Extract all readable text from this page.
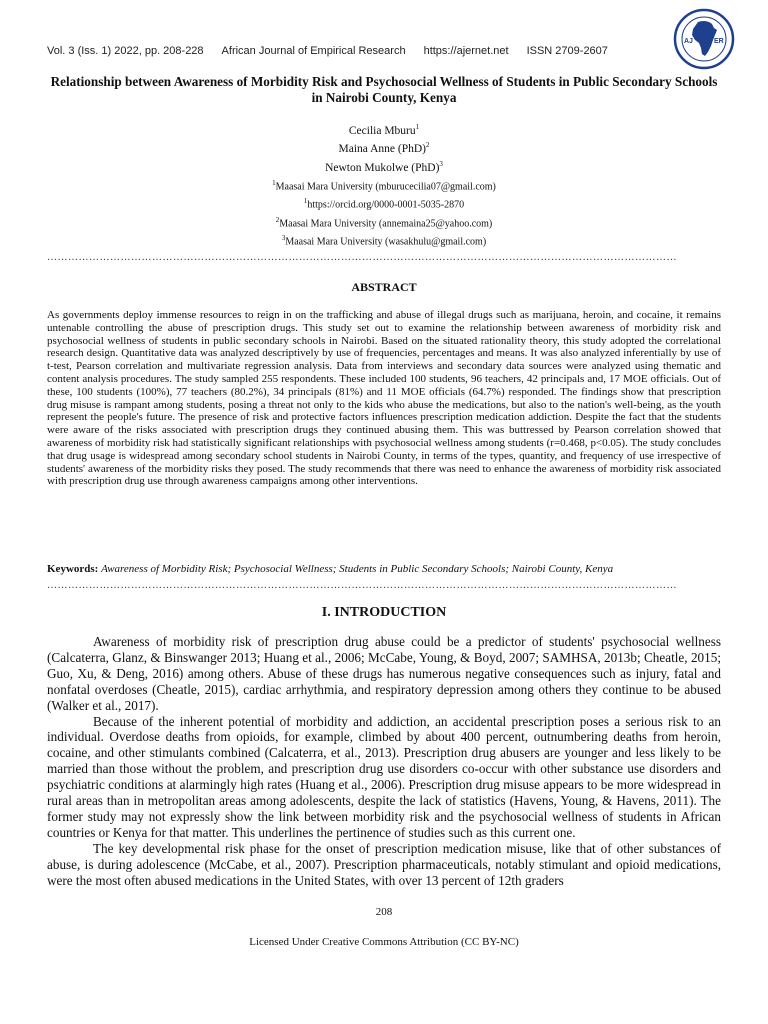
Vol. 3 (Iss. 1) 2022, pp. 208-228 African Journal of Empirical Research https://ajernet.net ISSN 2709-2607
AJ	ER
Relationship between Awareness of Morbidity Risk and Psychosocial Wellness of Students in Public Secondary Schools in Nairobi County, Kenya
Cecilia Mburu$^1$
Maina Anne (PhD)$^2$
Newton Mukolwe (PhD)$^3$
$^1$Maasai Mara University (mburucecilia07@gmail.com)
$^1$https://orcid.org/0000-0001-5035-2870
$^2$Maasai Mara University (annemaina25@yahoo.com)
$^3$Maasai Mara University (wasakhulu@gmail.com)
………………………………………………………………………………………………………………………………………………………………
ABSTRACT
As governments deploy immense resources to reign in on the trafficking and abuse of illegal drugs such as marijuana, heroin, and cocaine, it remains untenable controlling the abuse of prescription drugs. This study set out to examine the relationship between awareness of morbidity risk and psychosocial wellness of students in public secondary schools in Nairobi. Based on the situated rationality theory, this study adopted the correlational research design. Quantitative data was analyzed descriptively by use of frequencies, percentages and means. It was also analyzed inferentially by use of t-test, Pearson correlation and multivariate regression analysis. Data from interviews and secondary data sources were analyzed using thematic and content analysis procedures. The study sampled 255 respondents. These included 100 students, 96 teachers, 42 principals and, 17 MOE officials. Out of these, 100 students (100%), 77 teachers (80.2%), 34 principals (81%) and 11 MOE officials (64.7%) responded. The findings show that prescription drug misuse is rampant among students, posing a threat not only to the kids who abuse the medications, but also to the nation's well-being, as the youth represent the people's future. The presence of risk and protective factors influences prescription medication addiction. Despite the fact that the students were aware of the risks associated with prescription drugs they continued abusing them. This was buttressed by Pearson correlation showed that awareness of morbidity risk had statistically significant relationships with psychosocial wellness among students (r=0.468, p<0.05). The study concludes that drug usage is widespread among secondary school students in Nairobi County, in terms of the types, quantity, and frequency of use irrespective of students' awareness of the morbidity risks they posed. The study recommends that there was need to enhance the awareness of morbidity risk associated with prescription drug use through awareness campaigns among other interventions.
Keywords: Awareness of Morbidity Risk; Psychosocial Wellness; Students in Public Secondary Schools; Nairobi County, Kenya
………………………………………………………………………………………………………………………………………………………………
I. INTRODUCTION

Awareness of morbidity risk of prescription drug abuse could be a predictor of students' psychosocial wellness (Calcaterra, Glanz, & Binswanger 2013; Huang et al., 2006; McCabe, Young, & Boyd, 2007; SAMHSA, 2013b; Cheatle, 2015; Guo, Xu, & Deng, 2016) among others. Abuse of these drugs has numerous negative consequences such as injury, fatal and nonfatal overdoses (Cheatle, 2015), cardiac arrhythmia, and respiratory depression among others they continue to be abused (Walker et al., 2017).

Because of the inherent potential of morbidity and addiction, an accidental prescription poses a serious risk to an individual. Overdose deaths from opioids, for example, climbed by about 400 percent, outnumbering deaths from heroin, cocaine, and other stimulants combined (Calcaterra, et al., 2013). Prescription drug abusers are younger and less likely to be married than those without the problem, and prescription drug use disorders co-occur with other substance use disorders and psychiatric conditions at alarmingly high rates (Huang et al., 2006). Prescription drug misuse appears to be more widespread in rural areas than in metropolitan areas among adolescents, despite the lack of statistics (Havens, Young, & Havens, 2011). The former study may not expressly show the link between morbidity risk and the psychosocial wellness of students in African countries or Kenya for that matter. This underlines the pertinence of studies such as this current one.

The key developmental risk phase for the onset of prescription medication misuse, like that of other substances of abuse, is during adolescence (McCabe, et al., 2007). Prescription pharmaceuticals, notably stimulant and opioid medications, were the most often abused medications in the United States, with over 13 percent of 12th graders

208
Licensed Under Creative Commons Attribution (CC BY-NC)
